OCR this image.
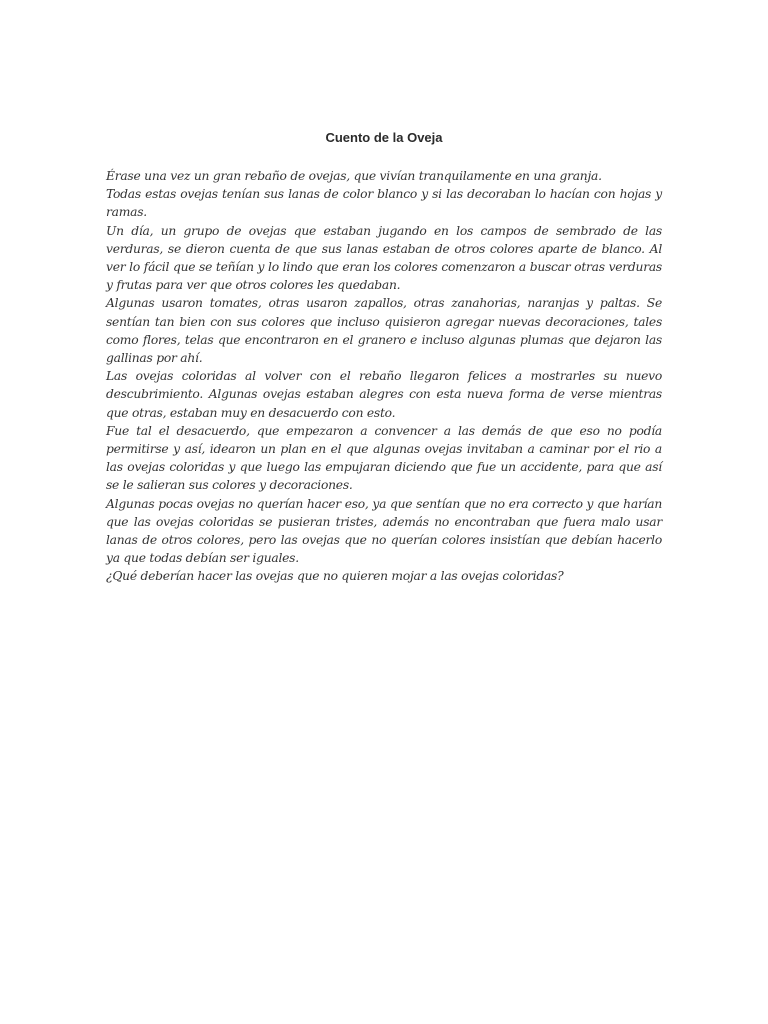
Cuento de la Oveja

Érase una vez un gran rebaño de ovejas, que vivían tranquilamente en una granja.

Todas estas ovejas tenían sus lanas de color blanco y si las decoraban lo hacían con hojas y ramas.

Un día, un grupo de ovejas que estaban jugando en los campos de sembrado de las verduras, se dieron cuenta de que sus lanas estaban de otros colores aparte de blanco. Al ver lo fácil que se teñían y lo lindo que eran los colores comenzaron a buscar otras verduras y frutas para ver que otros colores les quedaban.

Algunas usaron tomates, otras usaron zapallos, otras zanahorias, naranjas y paltas. Se sentían tan bien con sus colores que incluso quisieron agregar nuevas decoraciones, tales como flores, telas que encontraron en el granero e incluso algunas plumas que dejaron las gallinas por ahí.

Las ovejas coloridas al volver con el rebaño llegaron felices a mostrarles su nuevo descubrimiento. Algunas ovejas estaban alegres con esta nueva forma de verse mientras que otras, estaban muy en desacuerdo con esto.

Fue tal el desacuerdo, que empezaron a convencer a las demás de que eso no podía permitirse y así, idearon un plan en el que algunas ovejas invitaban a caminar por el rio a las ovejas coloridas y que luego las empujaran diciendo que fue un accidente, para que así se le salieran sus colores y decoraciones.

Algunas pocas ovejas no querían hacer eso, ya que sentían que no era correcto y que harían que las ovejas coloridas se pusieran tristes, además no encontraban que fuera malo usar lanas de otros colores, pero las ovejas que no querían colores insistían que debían hacerlo ya que todas debían ser iguales.

¿Qué deberían hacer las ovejas que no quieren mojar a las ovejas coloridas?
